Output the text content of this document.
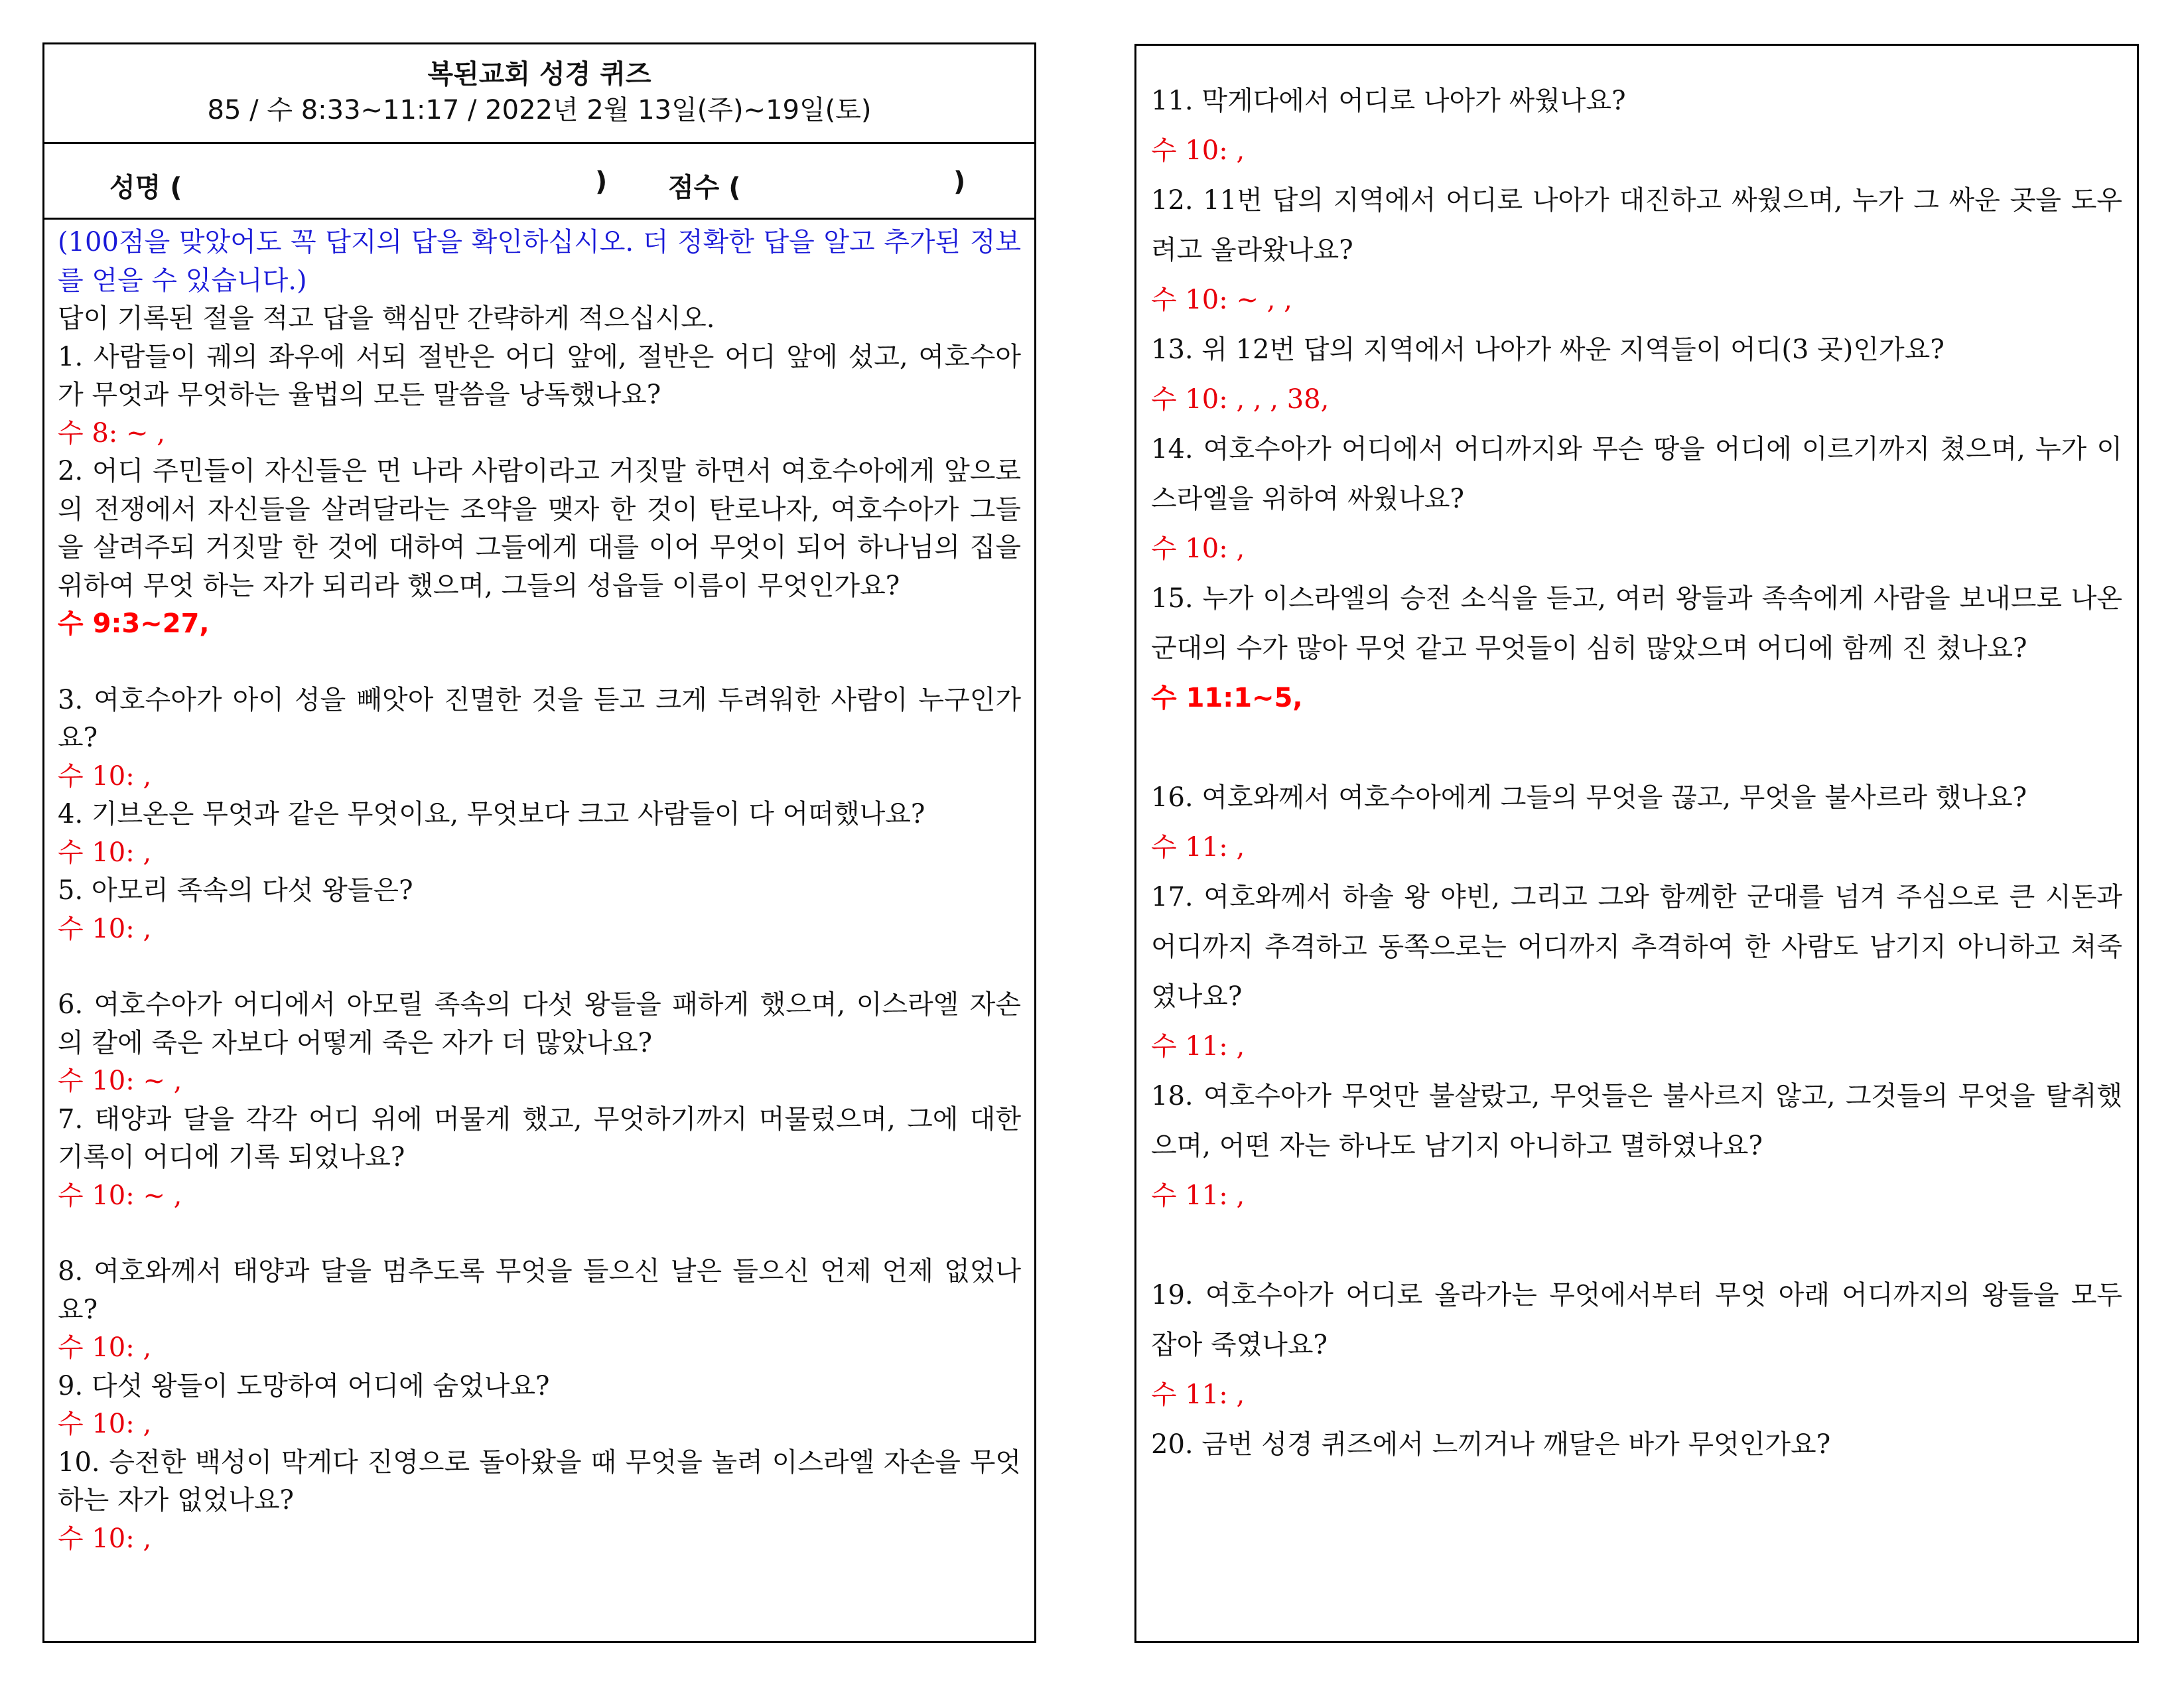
복된교회 성경 퀴즈
85 / 수 8:33~11:17 / 2022년 2월 13일(주)~19일(토)
성명 (	) 점수 (	)

(100점을 맞았어도 꼭 답지의 답을 확인하십시오. 더 정확한 답을 알고 추가된 정보를 얻을 수 있습니다.)

답이 기록된 절을 적고 답을 핵심만 간략하게 적으십시오.

1. 사람들이 궤의 좌우에 서되 절반은 어디 앞에, 절반은 어디 앞에 섰고, 여호수아가 무엇과 무엇하는 율법의 모든 말씀을 낭독했나요?

수 8: ~ ,

2. 어디 주민들이 자신들은 먼 나라 사람이라고 거짓말 하면서 여호수아에게 앞으로의 전쟁에서 자신들을 살려달라는 조약을 맺자 한 것이 탄로나자, 여호수아가 그들을 살려주되 거짓말 한 것에 대하여 그들에게 대를 이어 무엇이 되어 하나님의 집을 위하여 무엇 하는 자가 되리라 했으며, 그들의 성읍들 이름이 무엇인가요?

수 9:3~27,

3. 여호수아가 아이 성을 빼앗아 진멸한 것을 듣고 크게 두려워한 사람이 누구인가요?

수 10: ,

4. 기브온은 무엇과 같은 무엇이요, 무엇보다 크고 사람들이 다 어떠했나요?

수 10: ,

5. 아모리 족속의 다섯 왕들은?

수 10: ,

6. 여호수아가 어디에서 아모릴 족속의 다섯 왕들을 패하게 했으며, 이스라엘 자손의 칼에 죽은 자보다 어떻게 죽은 자가 더 많았나요?

수 10: ~ ,

7. 태양과 달을 각각 어디 위에 머물게 했고, 무엇하기까지 머물렀으며, 그에 대한 기록이 어디에 기록 되었나요?

수 10: ~ ,

8. 여호와께서 태양과 달을 멈추도록 무엇을 들으신 날은 들으신 언제 언제 없었나요?

수 10: ,

9. 다섯 왕들이 도망하여 어디에 숨었나요?

수 10: ,

10. 승전한 백성이 막게다 진영으로 돌아왔을 때 무엇을 놀려 이스라엘 자손을 무엇하는 자가 없었나요?

수 10: ,

11. 막게다에서 어디로 나아가 싸웠나요?

수 10: ,

12. 11번 답의 지역에서 어디로 나아가 대진하고 싸웠으며, 누가 그 싸운 곳을 도우려고 올라왔나요?

수 10: ~ , ,

13. 위 12번 답의 지역에서 나아가 싸운 지역들이 어디(3 곳)인가요?

수 10: , , , 38,

14. 여호수아가 어디에서 어디까지와 무슨 땅을 어디에 이르기까지 쳤으며, 누가 이스라엘을 위하여 싸웠나요?

수 10: ,

15. 누가 이스라엘의 승전 소식을 듣고, 여러 왕들과 족속에게 사람을 보내므로 나온 군대의 수가 많아 무엇 같고 무엇들이 심히 많았으며 어디에 함께 진 쳤나요?

수 11:1~5,

16. 여호와께서 여호수아에게 그들의 무엇을 끊고, 무엇을 불사르라 했나요?

수 11: ,

17. 여호와께서 하솔 왕 야빈, 그리고 그와 함께한 군대를 넘겨 주심으로 큰 시돈과 어디까지 추격하고 동쪽으로는 어디까지 추격하여 한 사람도 남기지 아니하고 쳐죽였나요?

수 11: ,

18. 여호수아가 무엇만 불살랐고, 무엇들은 불사르지 않고, 그것들의 무엇을 탈취했으며, 어떤 자는 하나도 남기지 아니하고 멸하였나요?

수 11: ,

19. 여호수아가 어디로 올라가는 무엇에서부터 무엇 아래 어디까지의 왕들을 모두 잡아 죽였나요?

수 11: ,

20. 금번 성경 퀴즈에서 느끼거나 깨달은 바가 무엇인가요?
